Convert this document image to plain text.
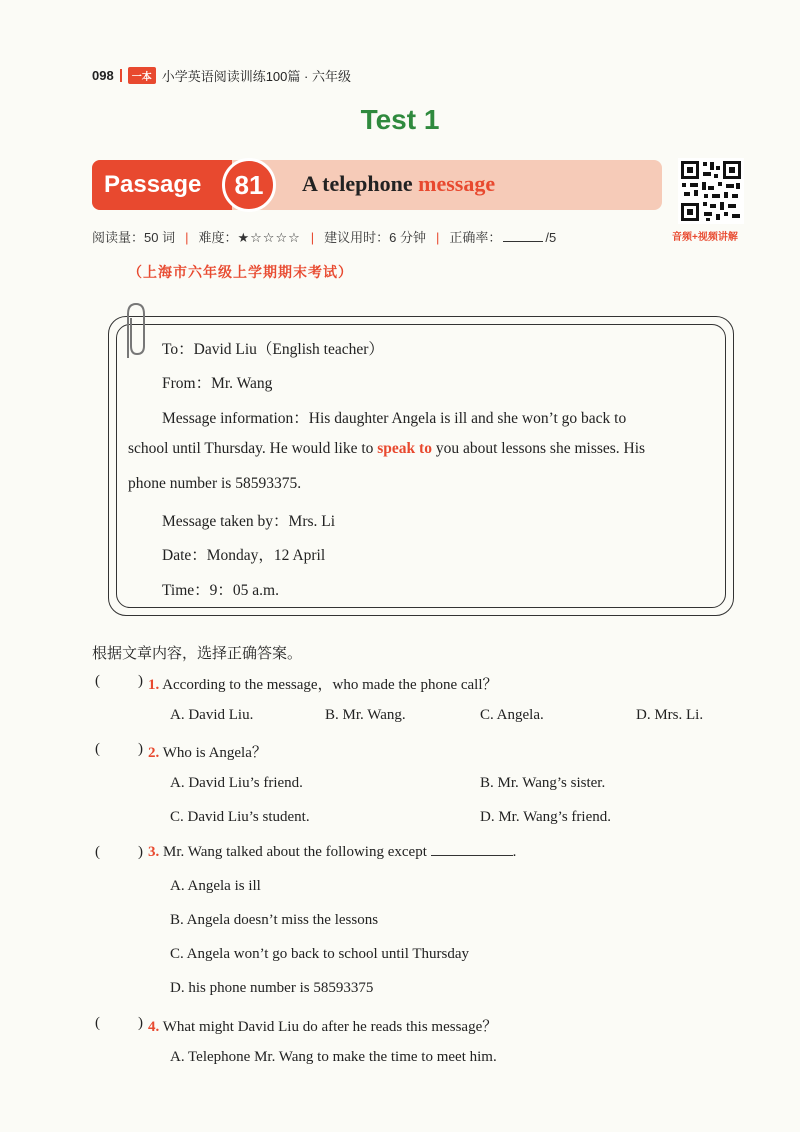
098	一本 小学英语阅读训练100篇 · 六年级
Test 1
Passage	81	A telephone message
音频+视频讲解
阅读量：50 词 | 难度：★☆☆☆☆ | 建议用时：6 分钟 | 正确率：	/5
（上海市六年级上学期期末考试）
To：David Liu（English teacher）
From：Mr. Wang
Message information：His daughter Angela is ill and she won’t go back to
school until Thursday. He would like to speak to you about lessons she misses. His
phone number is 58593375.
Message taken by：Mrs. Li
Date：Monday，12 April
Time：9：05 a.m.
根据文章内容，选择正确答案。
(	) 1. According to the message，who made the phone call？
A. David Liu.	B. Mr. Wang.	C. Angela.	D. Mrs. Li.
(	) 2. Who is Angela？
A. David Liu’s friend.	B. Mr. Wang’s sister.
C. David Liu’s student.	D. Mr. Wang’s friend.
(	) 3. Mr. Wang talked about the following except	.
A. Angela is ill
B. Angela doesn’t miss the lessons
C. Angela won’t go back to school until Thursday
D. his phone number is 58593375
(	) 4. What might David Liu do after he reads this message？
A. Telephone Mr. Wang to make the time to meet him.
